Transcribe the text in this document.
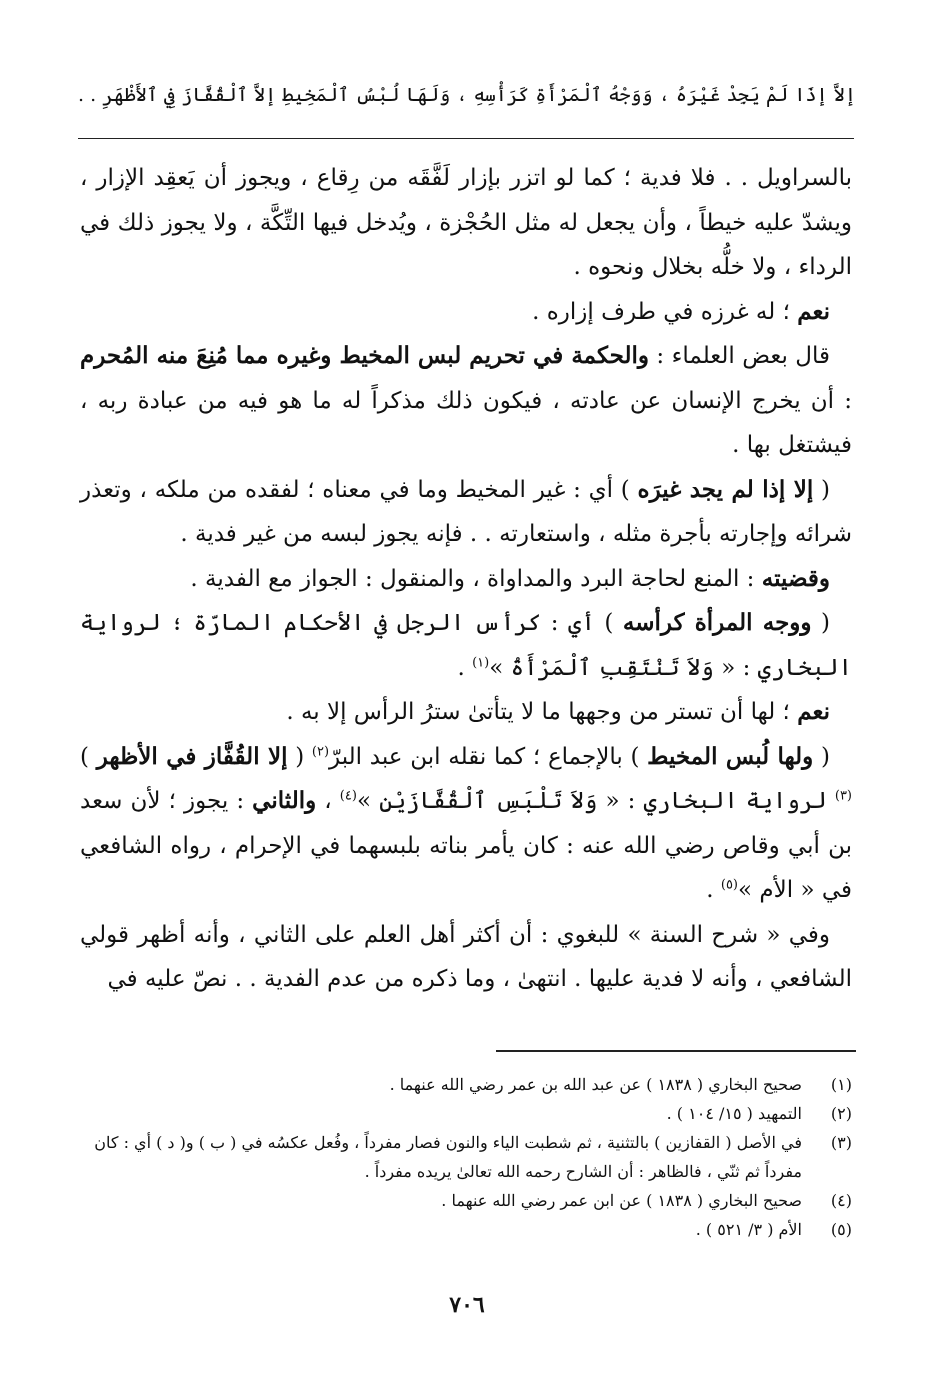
إلاَّ إذَا لَمْ يَجِدْ غَيْرَهُ ، وَوَجْهُ ٱلْمَرْأَةِ كَرَأْسِهِ ، وَلَهَا لُبْسُ ٱلْمَخِيطِ إلاَّ ٱلْقُفَّازَ فِي ٱلأَظْهَرِ . .

بالسراويل . . فلا فدية ؛ كما لو اتزر بإزار لَفَّقَه من رِقاع ، ويجوز أن يَعقِد الإزار ، ويشدّ عليه خيطاً ، وأن يجعل له مثل الحُجْزة ، ويُدخل فيها التِّكَّة ، ولا يجوز ذلك في الرداء ، ولا خلُّه بخلال ونحوه .

نعم ؛ له غرزه في طرف إزاره .

قال بعض العلماء : والحكمة في تحريم لبس المخيط وغيره مما مُنِعَ منه المُحرم : أن يخرج الإنسان عن عادته ، فيكون ذلك مذكراً له ما هو فيه من عبادة ربه ، فيشتغل بها .

( إلا إذا لم يجد غيرَه ) أي : غير المخيط وما في معناه ؛ لفقده من ملكه ، وتعذر شرائه وإجارته بأجرة مثله ، واستعارته . . فإنه يجوز لبسه من غير فدية .

وقضيته : المنع لحاجة البرد والمداواة ، والمنقول : الجواز مع الفدية .

( ووجه المرأة كرأسه ) أي : كرأس الرجل في الأحكام المارّة ؛ لرواية البخاري : « وَلاَ تَنْتَقِبِ ٱلْمَرْأَةُ »$^{(١)}$ .

نعم ؛ لها أن تستر من وجهها ما لا يتأتىٰ سترُ الرأس إلا به .

( ولها لُبس المخيط ) بالإجماع ؛ كما نقله ابن عبد البرّ$^{(٢)}$ ( إلا القُفَّاز في الأظهر )$^{(٣)}$ لرواية البخاري : « وَلاَ تَلْبَسِ ٱلْقُفَّازَيْنِ »$^{(٤)}$ ، والثاني : يجوز ؛ لأن سعد بن أبي وقاص رضي الله عنه : كان يأمر بناته بلبسهما في الإحرام ، رواه الشافعي في « الأم »$^{(٥)}$ .

وفي « شرح السنة » للبغوي : أن أكثر أهل العلم على الثاني ، وأنه أظهر قولي الشافعي ، وأنه لا فدية عليها . انتهىٰ ، وما ذكره من عدم الفدية . . نصّ عليه في

(١)
صحيح البخاري ( ١٨٣٨ ) عن عبد الله بن عمر رضي الله عنهما .
(٢)
التمهيد ( ١٥/ ١٠٤ ) .
(٣)
في الأصل ( القفازين ) بالتثنية ، ثم شطبت الياء والنون فصار مفرداً ، وفُعل عكسُه في ( ب ) و( د ) أي : كان مفرداً ثم ثنّي ، فالظاهر : أن الشارح رحمه الله تعالىٰ يريده مفرداً .
(٤)
صحيح البخاري ( ١٨٣٨ ) عن ابن عمر رضي الله عنهما .
(٥)
الأم ( ٣/ ٥٢١ ) .
٧٠٦
